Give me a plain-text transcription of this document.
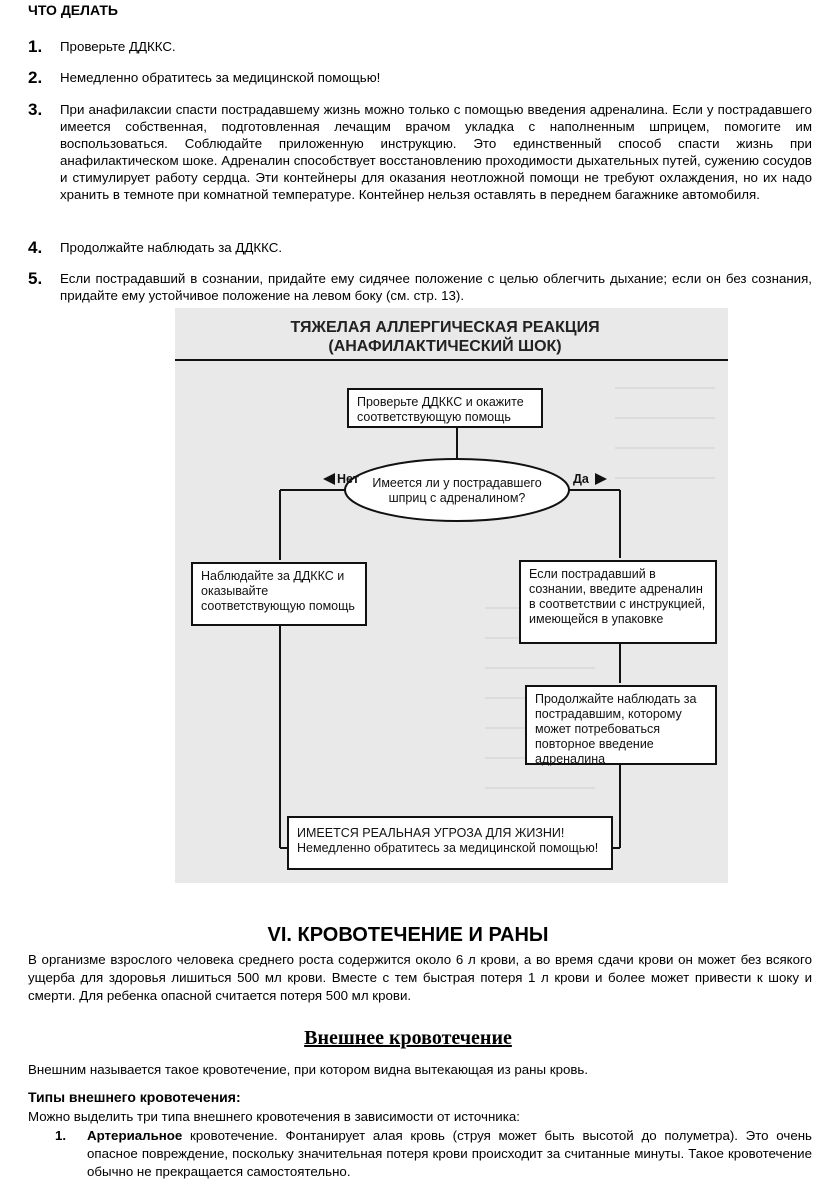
ЧТО ДЕЛАТЬ
1.	Проверьте ДДККС.
2.	Немедленно обратитесь за медицинской помощью!
3.	При анафилаксии спасти пострадавшему жизнь можно только с помощью введения адреналина. Если у пострадавшего имеется собственная, подготовленная лечащим врачом укладка с наполненным шприцем, помогите им воспользоваться. Соблюдайте приложенную инструкцию. Это единственный способ спасти жизнь при анафилактическом шоке. Адреналин способствует восстановлению проходимости дыхательных путей, сужению сосудов и стимулирует работу сердца. Эти контейнеры для оказания неотложной помощи не требуют охлаждения, но их надо хранить в темноте при комнатной температуре. Контейнер нельзя оставлять в переднем багажнике автомобиля.
4.	Продолжайте наблюдать за ДДККС.
5.	Если пострадавший в сознании, придайте ему сидячее положение с целью облегчить дыхание; если он без сознания, придайте ему устойчивое положение на левом боку (см. стр. 13).
ТЯЖЕЛАЯ АЛЛЕРГИЧЕСКАЯ РЕАКЦИЯ
(АНАФИЛАКТИЧЕСКИЙ ШОК)
Проверьте ДДККС и окажите соответствующую помощь
Имеется ли у пострадавшего шприц с адреналином?
Нет	Да
Наблюдайте за ДДККС и оказывайте соответствующую помощь
Если пострадавший в сознании, введите адреналин в соответствии с инструкцией, имеющейся в упаковке
Продолжайте наблюдать за пострадавшим, которому может потребоваться повторное введение адреналина
ИМЕЕТСЯ РЕАЛЬНАЯ УГРОЗА ДЛЯ ЖИЗНИ!
Немедленно обратитесь за медицинской помощью!
VI. КРОВОТЕЧЕНИЕ И РАНЫ
В организме взрослого человека среднего роста содержится около 6 л крови, а во время сдачи крови он может без всякого ущерба для здоровья лишиться 500 мл крови. Вместе с тем быстрая потеря 1 л крови и более может привести к шоку и смерти. Для ребенка опасной считается потеря 500 мл крови.
Внешнее кровотечение
Внешним называется такое кровотечение, при котором видна вытекающая из раны кровь.
Типы внешнего кровотечения:
Можно выделить три типа внешнего кровотечения в зависимости от источника:
1.	Артериальное кровотечение. Фонтанирует алая кровь (струя может быть высотой до полуметра). Это очень опасное повреждение, поскольку значительная потеря крови происходит за считанные минуты. Такое кровотечение обычно не прекращается самостоятельно.
